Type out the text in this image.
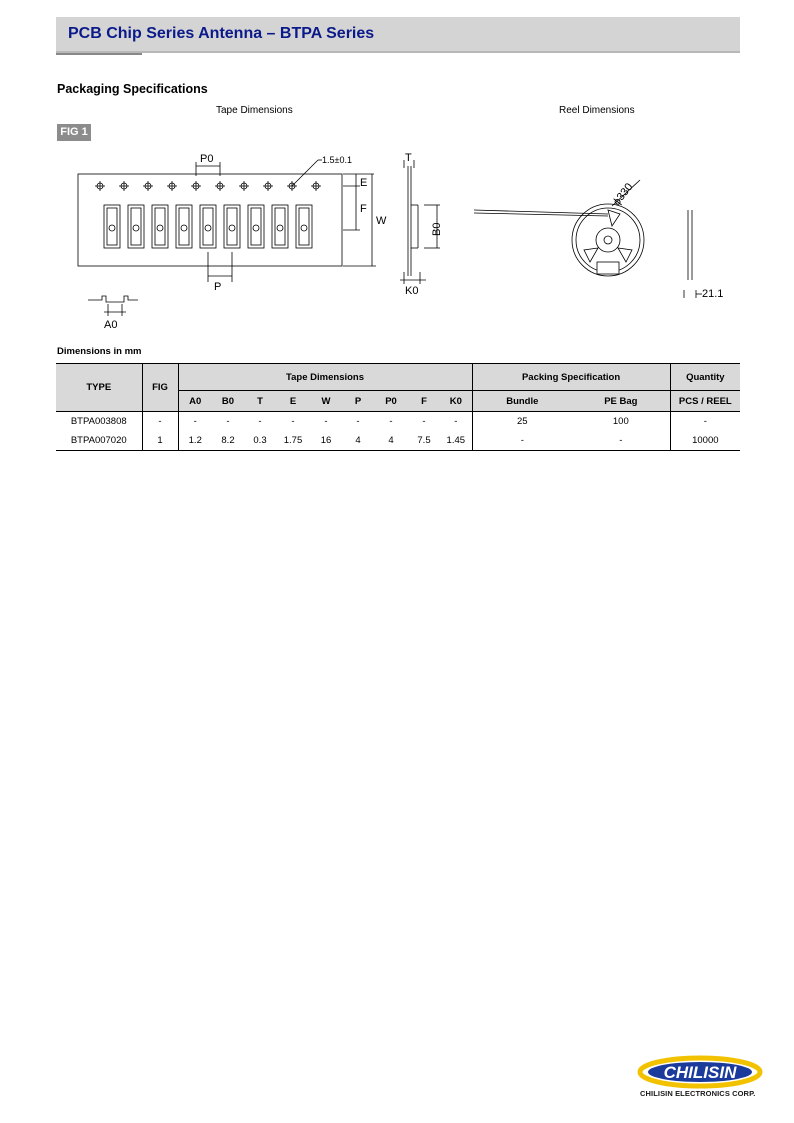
PCB Chip Series Antenna – BTPA Series
Packaging Specifications
Tape Dimensions	Reel Dimensions
FIG 1
P0	1.5±0.1	T
E
F
W
B0
P	K0
A0
ϕ330
21.1
Dimensions in mm
TYPE	FIG	Tape Dimensions									Packing Specification		Quantity
		A0	B0	T	E	W	P	P0	F	K0	Bundle	PE Bag	PCS / REEL
BTPA003808	-	-	-	-	-	-	-	-	-	-	25	100	-
BTPA007020	1	1.2	8.2	0.3	1.75	16	4	4	7.5	1.45	-	-	10000
CHILISIN
CHILISIN ELECTRONICS CORP.
